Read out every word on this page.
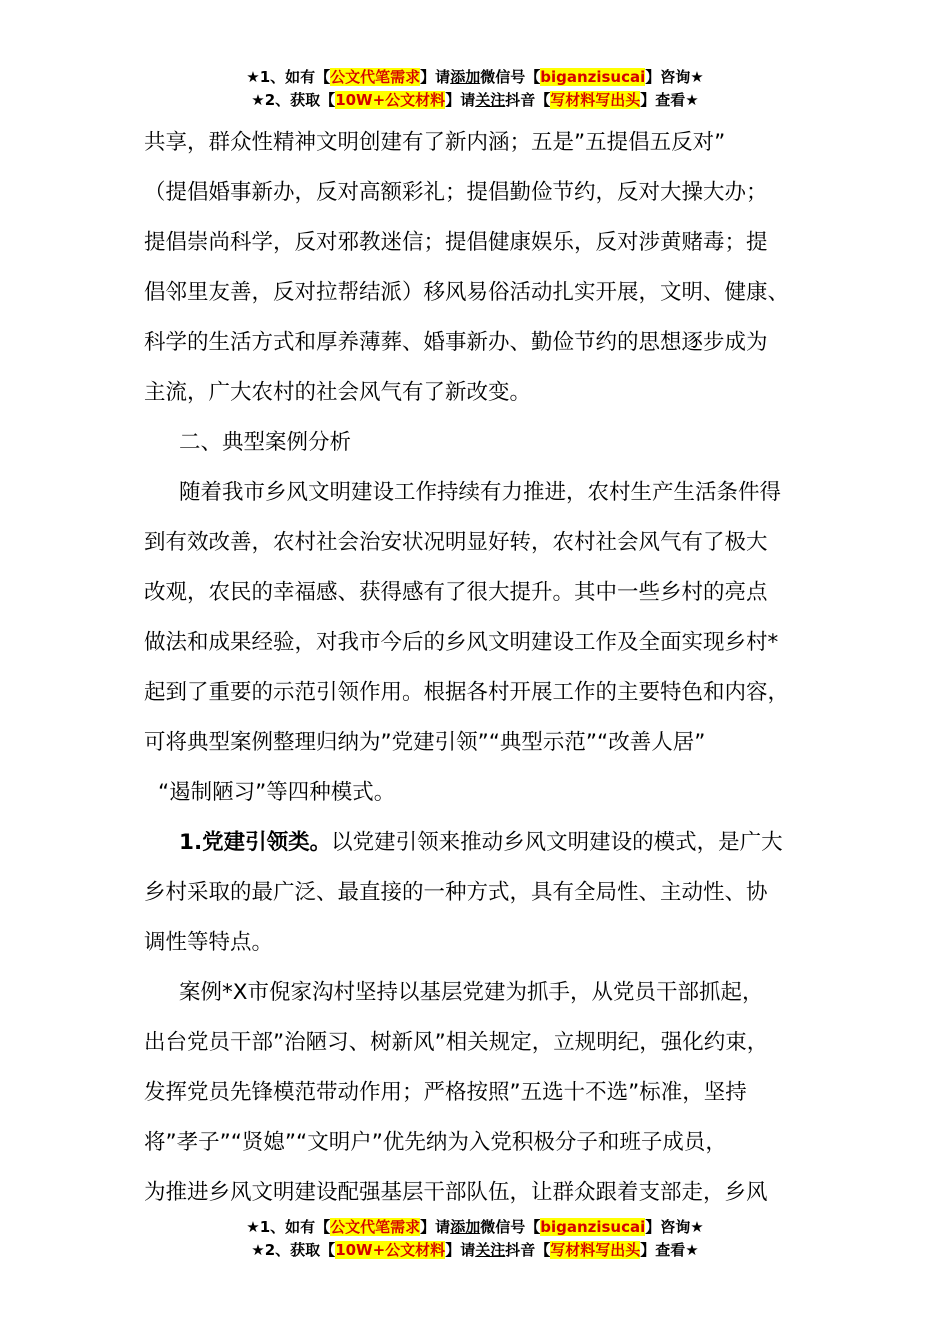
★1、如有【公文代笔需求】请添加微信号【biganzisucai】咨询★
★2、获取【10W+公文材料】请关注抖音【写材料写出头】查看★
共享，群众性精神文明创建有了新内涵；五是”五提倡五反对”
（提倡婚事新办，反对高额彩礼；提倡勤俭节约，反对大操大办；
提倡崇尚科学，反对邪教迷信；提倡健康娱乐，反对涉黄赌毒；提
倡邻里友善，反对拉帮结派）移风易俗活动扎实开展，文明、健康、
科学的生活方式和厚养薄葬、婚事新办、勤俭节约的思想逐步成为
主流，广大农村的社会风气有了新改变。
二、典型案例分析
随着我市乡风文明建设工作持续有力推进，农村生产生活条件得
到有效改善，农村社会治安状况明显好转，农村社会风气有了极大
改观，农民的幸福感、获得感有了很大提升。其中一些乡村的亮点
做法和成果经验，对我市今后的乡风文明建设工作及全面实现乡村*
起到了重要的示范引领作用。根据各村开展工作的主要特色和内容，
可将典型案例整理归纳为”党建引领”“典型示范”“改善人居”
“遏制陋习”等四种模式。
1.党建引领类。以党建引领来推动乡风文明建设的模式，是广大
乡村采取的最广泛、最直接的一种方式，具有全局性、主动性、协
调性等特点。
案例*X市倪家沟村坚持以基层党建为抓手，从党员干部抓起，
出台党员干部”治陋习、树新风”相关规定，立规明纪，强化约束，
发挥党员先锋模范带动作用；严格按照”五选十不选”标准，坚持
将”孝子”“贤媳”“文明户”优先纳为入党积极分子和班子成员，
为推进乡风文明建设配强基层干部队伍，让群众跟着支部走，乡风
★1、如有【公文代笔需求】请添加微信号【biganzisucai】咨询★
★2、获取【10W+公文材料】请关注抖音【写材料写出头】查看★
